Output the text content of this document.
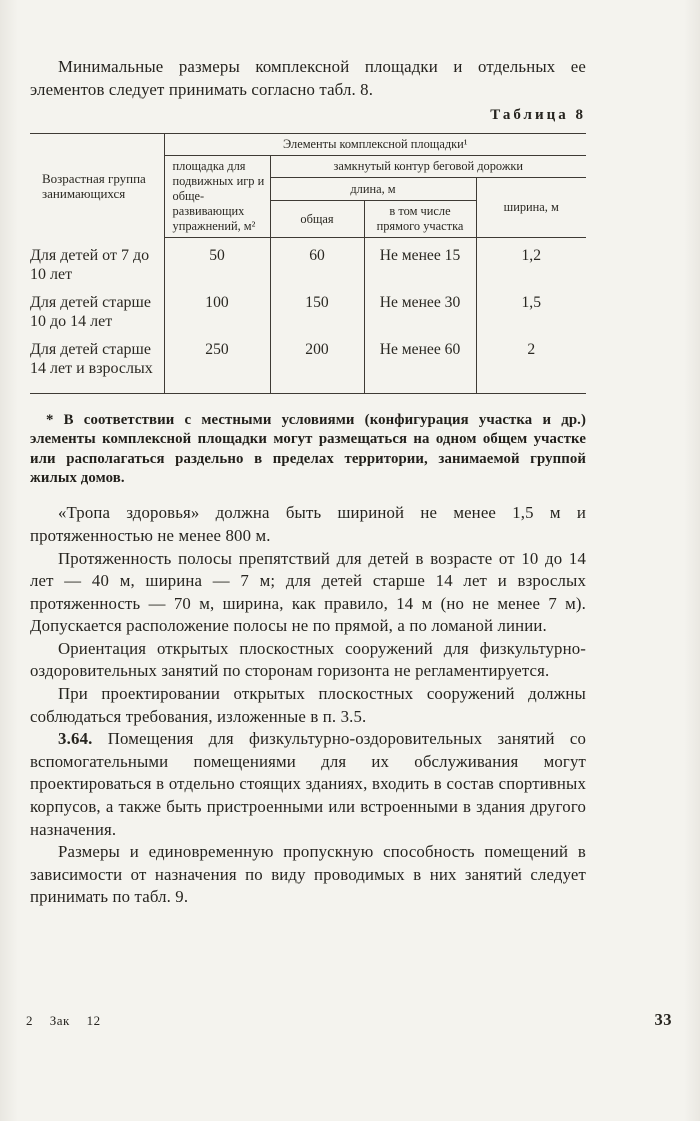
Минимальные размеры комплексной площадки и отдельных ее элементов следует принимать согласно табл. 8.

Таблица 8
Возрастная группа занимающихся	Элементы комплексной площадки¹			
	площадка для подвижных игр и общеразвивающих упражнений, м²	замкнутый контур беговой дорожки		
		длина, м		ширина, м
		общая	в том числе прямого участка	
Для детей от 7 до 10 лет	50	60	Не менее 15	1,2
Для детей старше 10 до 14 лет	100	150	Не менее 30	1,5
Для детей старше 14 лет и взрослых	250	200	Не менее 60	2

* В соответствии с местными условиями (конфигурация участка и др.) элементы комплексной площадки могут размещаться на одном общем участке или располагаться раздельно в пределах территории, занимаемой группой жилых домов.

«Тропа здоровья» должна быть шириной не менее 1,5 м и протяженностью не менее 800 м.

Протяженность полосы препятствий для детей в возрасте от 10 до 14 лет — 40 м, ширина — 7 м; для детей старше 14 лет и взрослых протяженность — 70 м, ширина, как правило, 14 м (но не менее 7 м). Допускается расположение полосы не по прямой, а по ломаной линии.

Ориентация открытых плоскостных сооружений для физкультурно-оздоровительных занятий по сторонам горизонта не регламентируется.

При проектировании открытых плоскостных сооружений должны соблюдаться требования, изложенные в п. 3.5.

3.64. Помещения для физкультурно-оздоровительных занятий со вспомогательными помещениями для их обслуживания могут проектироваться в отдельно стоящих зданиях, входить в состав спортивных корпусов, а также быть пристроенными или встроенными в здания другого назначения.

Размеры и единовременную пропускную способность помещений в зависимости от назначения по виду проводимых в них занятий следует принимать по табл. 9.

2 Зак 12	33
